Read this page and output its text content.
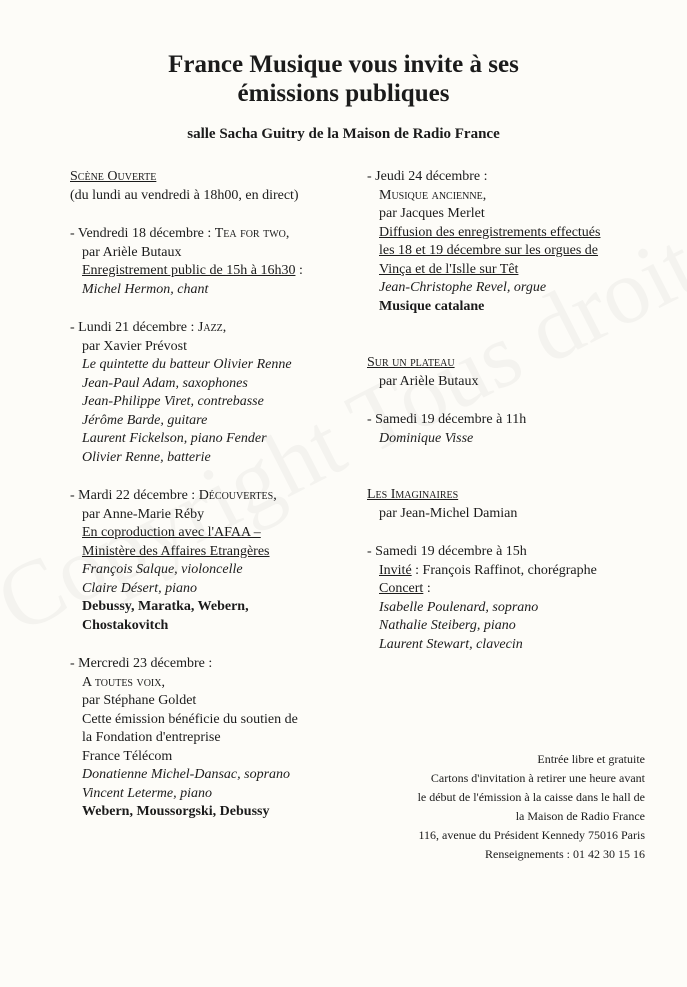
France Musique vous invite à ses
émissions publiques
salle Sacha Guitry de la Maison de Radio France
Scène Ouverte
(du lundi au vendredi à 18h00, en direct)
- Vendredi 18 décembre : Tea for two,
par Arièle Butaux
Enregistrement public de 15h à 16h30 :
Michel Hermon, chant
- Lundi 21 décembre : Jazz,
par Xavier Prévost
Le quintette du batteur Olivier Renne
Jean-Paul Adam, saxophones
Jean-Philippe Viret, contrebasse
Jérôme Barde, guitare
Laurent Fickelson, piano Fender
Olivier Renne, batterie
- Mardi 22 décembre : Découvertes,
par Anne-Marie Réby
En coproduction avec l'AFAA –
Ministère des Affaires Etrangères
François Salque, violoncelle
Claire Désert, piano
Debussy, Maratka, Webern,
Chostakovitch
- Mercredi 23 décembre :
A toutes voix,
par Stéphane Goldet
Cette émission bénéficie du soutien de
la Fondation d'entreprise
France Télécom
Donatienne Michel-Dansac, soprano
Vincent Leterme, piano
Webern, Moussorgski, Debussy
- Jeudi 24 décembre :
Musique ancienne,
par Jacques Merlet
Diffusion des enregistrements effectués
les 18 et 19 décembre sur les orgues de
Vinça et de l'Islle sur Têt
Jean-Christophe Revel, orgue
Musique catalane
Sur un plateau
par Arièle Butaux
- Samedi 19 décembre à 11h
Dominique Visse
Les Imaginaires
par Jean-Michel Damian
- Samedi 19 décembre à 15h
Invité : François Raffinot, chorégraphe
Concert :
Isabelle Poulenard, soprano
Nathalie Steiberg, piano
Laurent Stewart, clavecin
Entrée libre et gratuite
Cartons d'invitation à retirer une heure avant
le début de l'émission à la caisse dans le hall de
la Maison de Radio France
116, avenue du Président Kennedy 75016 Paris
Renseignements : 01 42 30 15 16
